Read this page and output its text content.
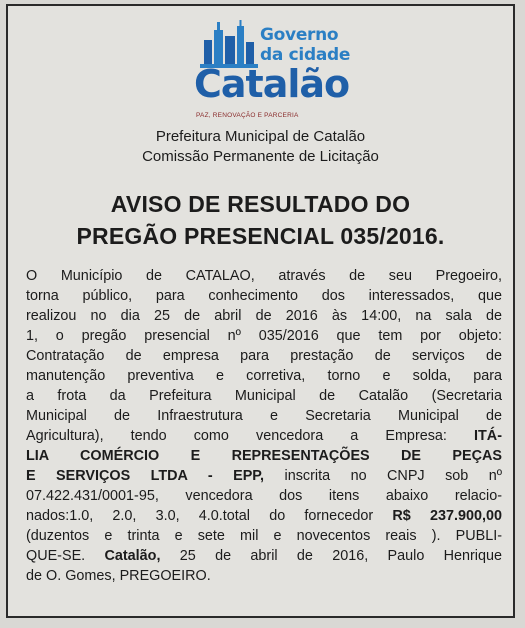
Governo
da cidade
Catalão
PAZ, RENOVAÇÃO E PARCERIA
Prefeitura Municipal de Catalão
Comissão Permanente de Licitação
AVISO DE RESULTADO DO
PREGÃO PRESENCIAL 035/2016.
O Município de CATALAO, através de seu Pregoeiro,
torna público, para conhecimento dos interessados, que
realizou no dia 25 de abril de 2016 às 14:00, na sala de
1, o pregão presencial nº 035/2016 que tem por objeto:
Contratação de empresa para prestação de serviços de
manutenção preventiva e corretiva, torno e solda, para
a frota da Prefeitura Municipal de Catalão (Secretaria
Municipal de Infraestrutura e Secretaria Municipal de
Agricultura), tendo como vencedora a Empresa: ITÁ-
LIA COMÉRCIO E REPRESENTAÇÕES DE PEÇAS
E SERVIÇOS LTDA - EPP, inscrita no CNPJ sob nº
07.422.431/0001-95, vencedora dos itens abaixo relacio-
nados:1.0, 2.0, 3.0, 4.0.total do fornecedor R$ 237.900,00
(duzentos e trinta e sete mil e novecentos reais ). PUBLI-
QUE-SE. Catalão, 25 de abril de 2016, Paulo Henrique
de O. Gomes, PREGOEIRO.
